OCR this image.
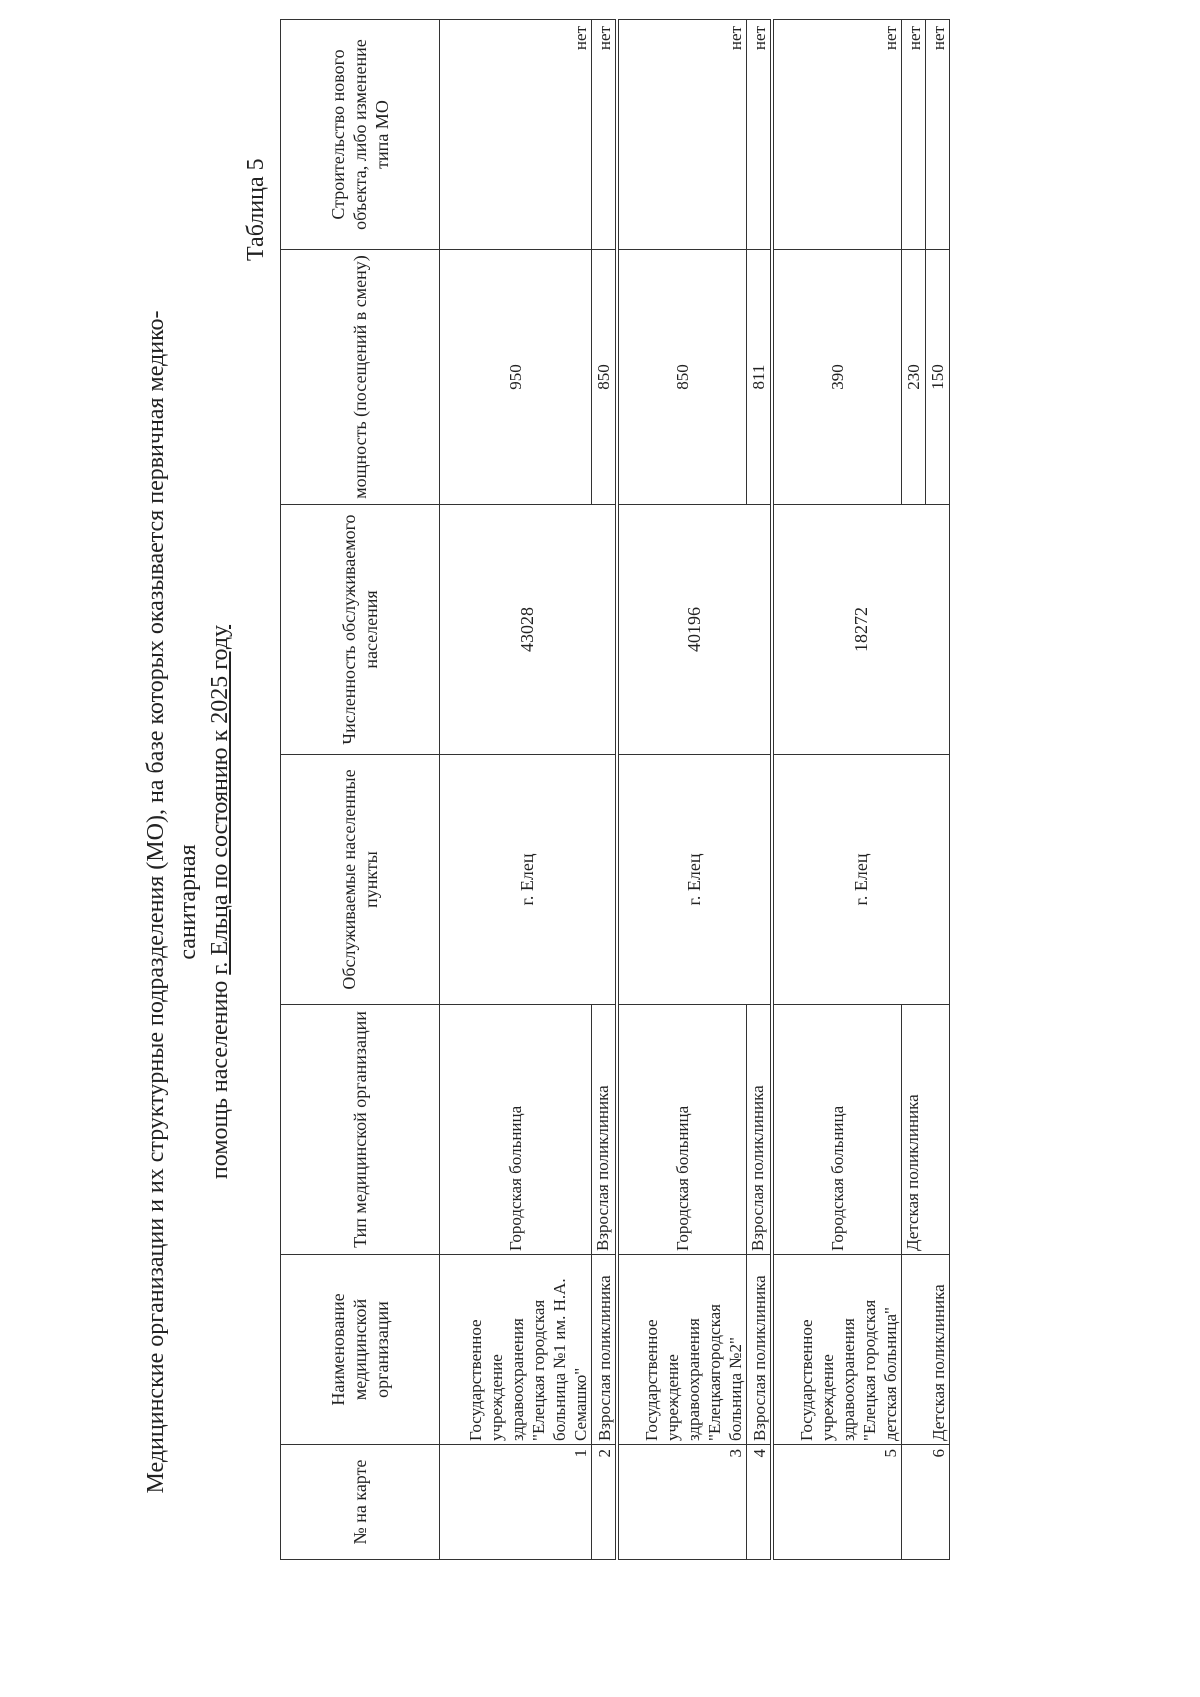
Медицинские организации и их структурные подразделения (МО), на базе которых оказывается первичная медико-санитарная
помощь населению г. Ельца по состоянию к 2025 году
Таблица 5
№ на карте	Наименование медицинской организации	Тип медицинской организации	Обслуживаемые населенные пункты	Численность обслуживаемого населения	мощность (посещений в смену)	Строительство нового объекта, либо изменение типа МО
1	Государственное учреждение здравоохранения "Елецкая городская больница №1 им. Н.А. Семашко"	Городская больница	г. Елец	43028	950	нет
2	Взрослая поликлиника	Взрослая поликлиника			850	нет
3	Государственное учреждение здравоохранения "Елецкаягородская больница №2"	Городская больница	г. Елец	40196	850	нет
4	Взрослая поликлиника	Взрослая поликлиника			811	нет
5	Государственное учреждение здравоохранения "Елецкая городская детская больница"	Городская больница	г. Елец	18272	390	нет
6	Детская поликлиника	Детская поликлиника			230	нет
					150	нет
